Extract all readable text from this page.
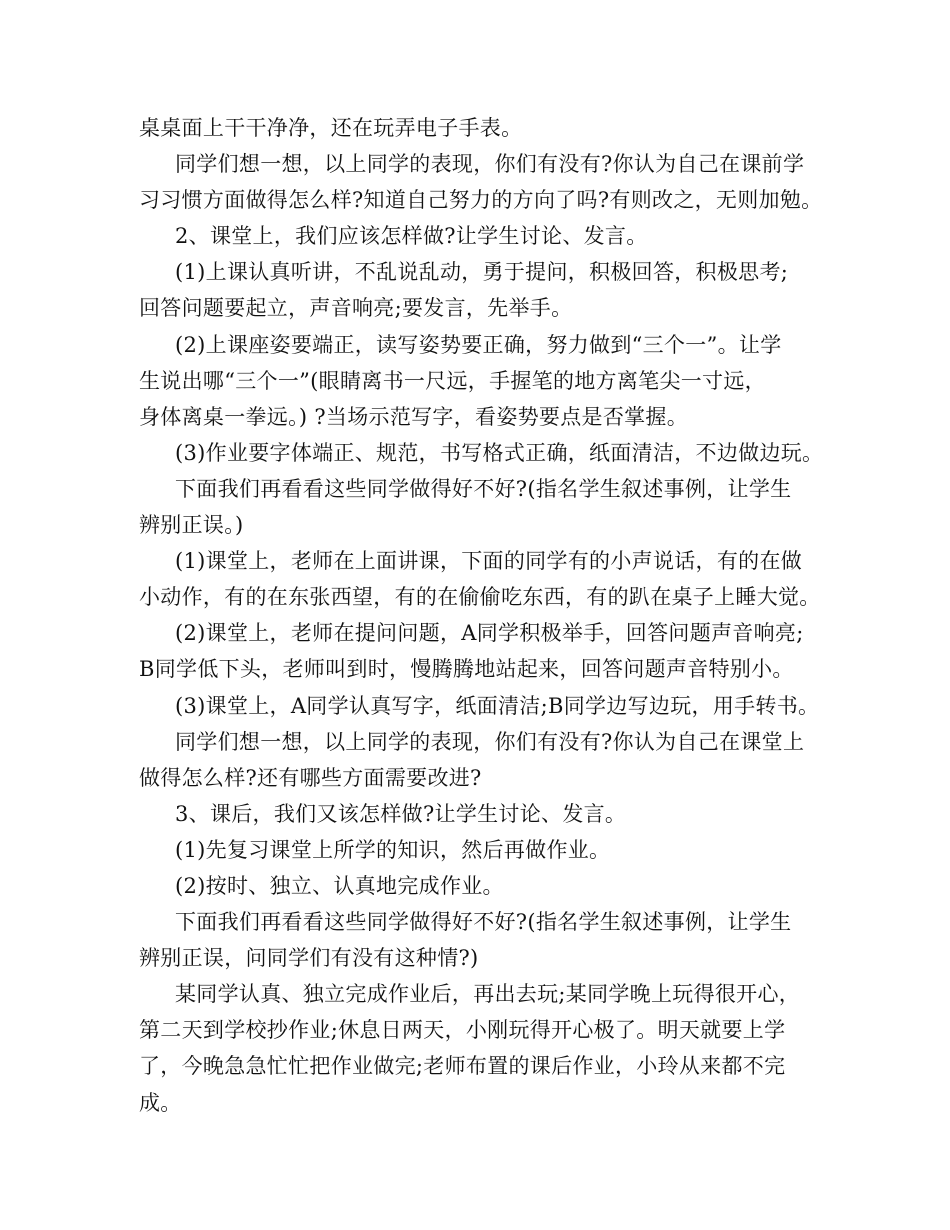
桌桌面上干干净净，还在玩弄电子手表。
同学们想一想，以上同学的表现，你们有没有?你认为自己在课前学
习习惯方面做得怎么样?知道自己努力的方向了吗?有则改之，无则加勉。
2、课堂上，我们应该怎样做?让学生讨论、发言。
(1)上课认真听讲，不乱说乱动，勇于提问，积极回答，积极思考;
回答问题要起立，声音响亮;要发言，先举手。
(2)上课座姿要端正，读写姿势要正确，努力做到“三个一”。让学
生说出哪“三个一”(眼睛离书一尺远，手握笔的地方离笔尖一寸远，
身体离桌一拳远。) ?当场示范写字，看姿势要点是否掌握。
(3)作业要字体端正、规范，书写格式正确，纸面清洁，不边做边玩。
下面我们再看看这些同学做得好不好?(指名学生叙述事例，让学生
辨别正误。)
(1)课堂上，老师在上面讲课，下面的同学有的小声说话，有的在做
小动作，有的在东张西望，有的在偷偷吃东西，有的趴在桌子上睡大觉。
(2)课堂上，老师在提问问题，A同学积极举手，回答问题声音响亮;
B同学低下头，老师叫到时，慢腾腾地站起来，回答问题声音特别小。
(3)课堂上，A同学认真写字，纸面清洁;B同学边写边玩，用手转书。
同学们想一想，以上同学的表现，你们有没有?你认为自己在课堂上
做得怎么样?还有哪些方面需要改进?
3、课后，我们又该怎样做?让学生讨论、发言。
(1)先复习课堂上所学的知识，然后再做作业。
(2)按时、独立、认真地完成作业。
下面我们再看看这些同学做得好不好?(指名学生叙述事例，让学生
辨别正误，问同学们有没有这种情?)
某同学认真、独立完成作业后，再出去玩;某同学晚上玩得很开心，
第二天到学校抄作业;休息日两天，小刚玩得开心极了。明天就要上学
了，今晚急急忙忙把作业做完;老师布置的课后作业，小玲从来都不完
成。
